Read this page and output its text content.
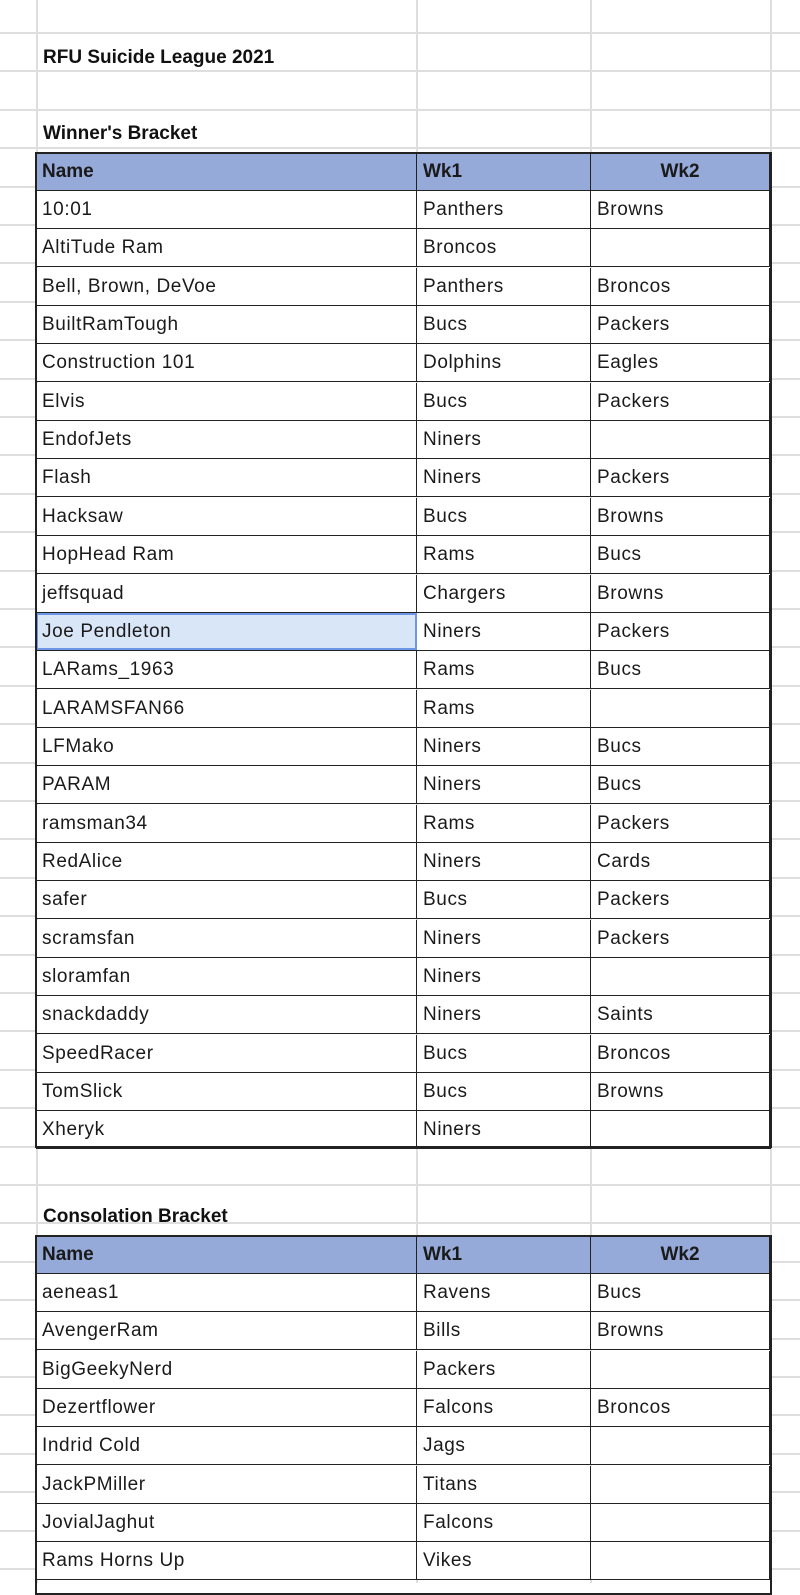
RFU Suicide League 2021
Winner's Bracket
Name	Wk1	Wk2
10:01	Panthers	Browns
AltiTude Ram	Broncos
Bell, Brown, DeVoe	Panthers	Broncos
BuiltRamTough	Bucs	Packers
Construction 101	Dolphins	Eagles
Elvis	Bucs	Packers
EndofJets	Niners
Flash	Niners	Packers
Hacksaw	Bucs	Browns
HopHead Ram	Rams	Bucs
jeffsquad	Chargers	Browns
Joe Pendleton	Niners	Packers
LARams_1963	Rams	Bucs
LARAMSFAN66	Rams
LFMako	Niners	Bucs
PARAM	Niners	Bucs
ramsman34	Rams	Packers
RedAlice	Niners	Cards
safer	Bucs	Packers
scramsfan	Niners	Packers
sloramfan	Niners
snackdaddy	Niners	Saints
SpeedRacer	Bucs	Broncos
TomSlick	Bucs	Browns
Xheryk	Niners
Consolation Bracket
Name	Wk1	Wk2
aeneas1	Ravens	Bucs
AvengerRam	Bills	Browns
BigGeekyNerd	Packers
Dezertflower	Falcons	Broncos
Indrid Cold	Jags
JackPMiller	Titans
JovialJaghut	Falcons
Rams Horns Up	Vikes
